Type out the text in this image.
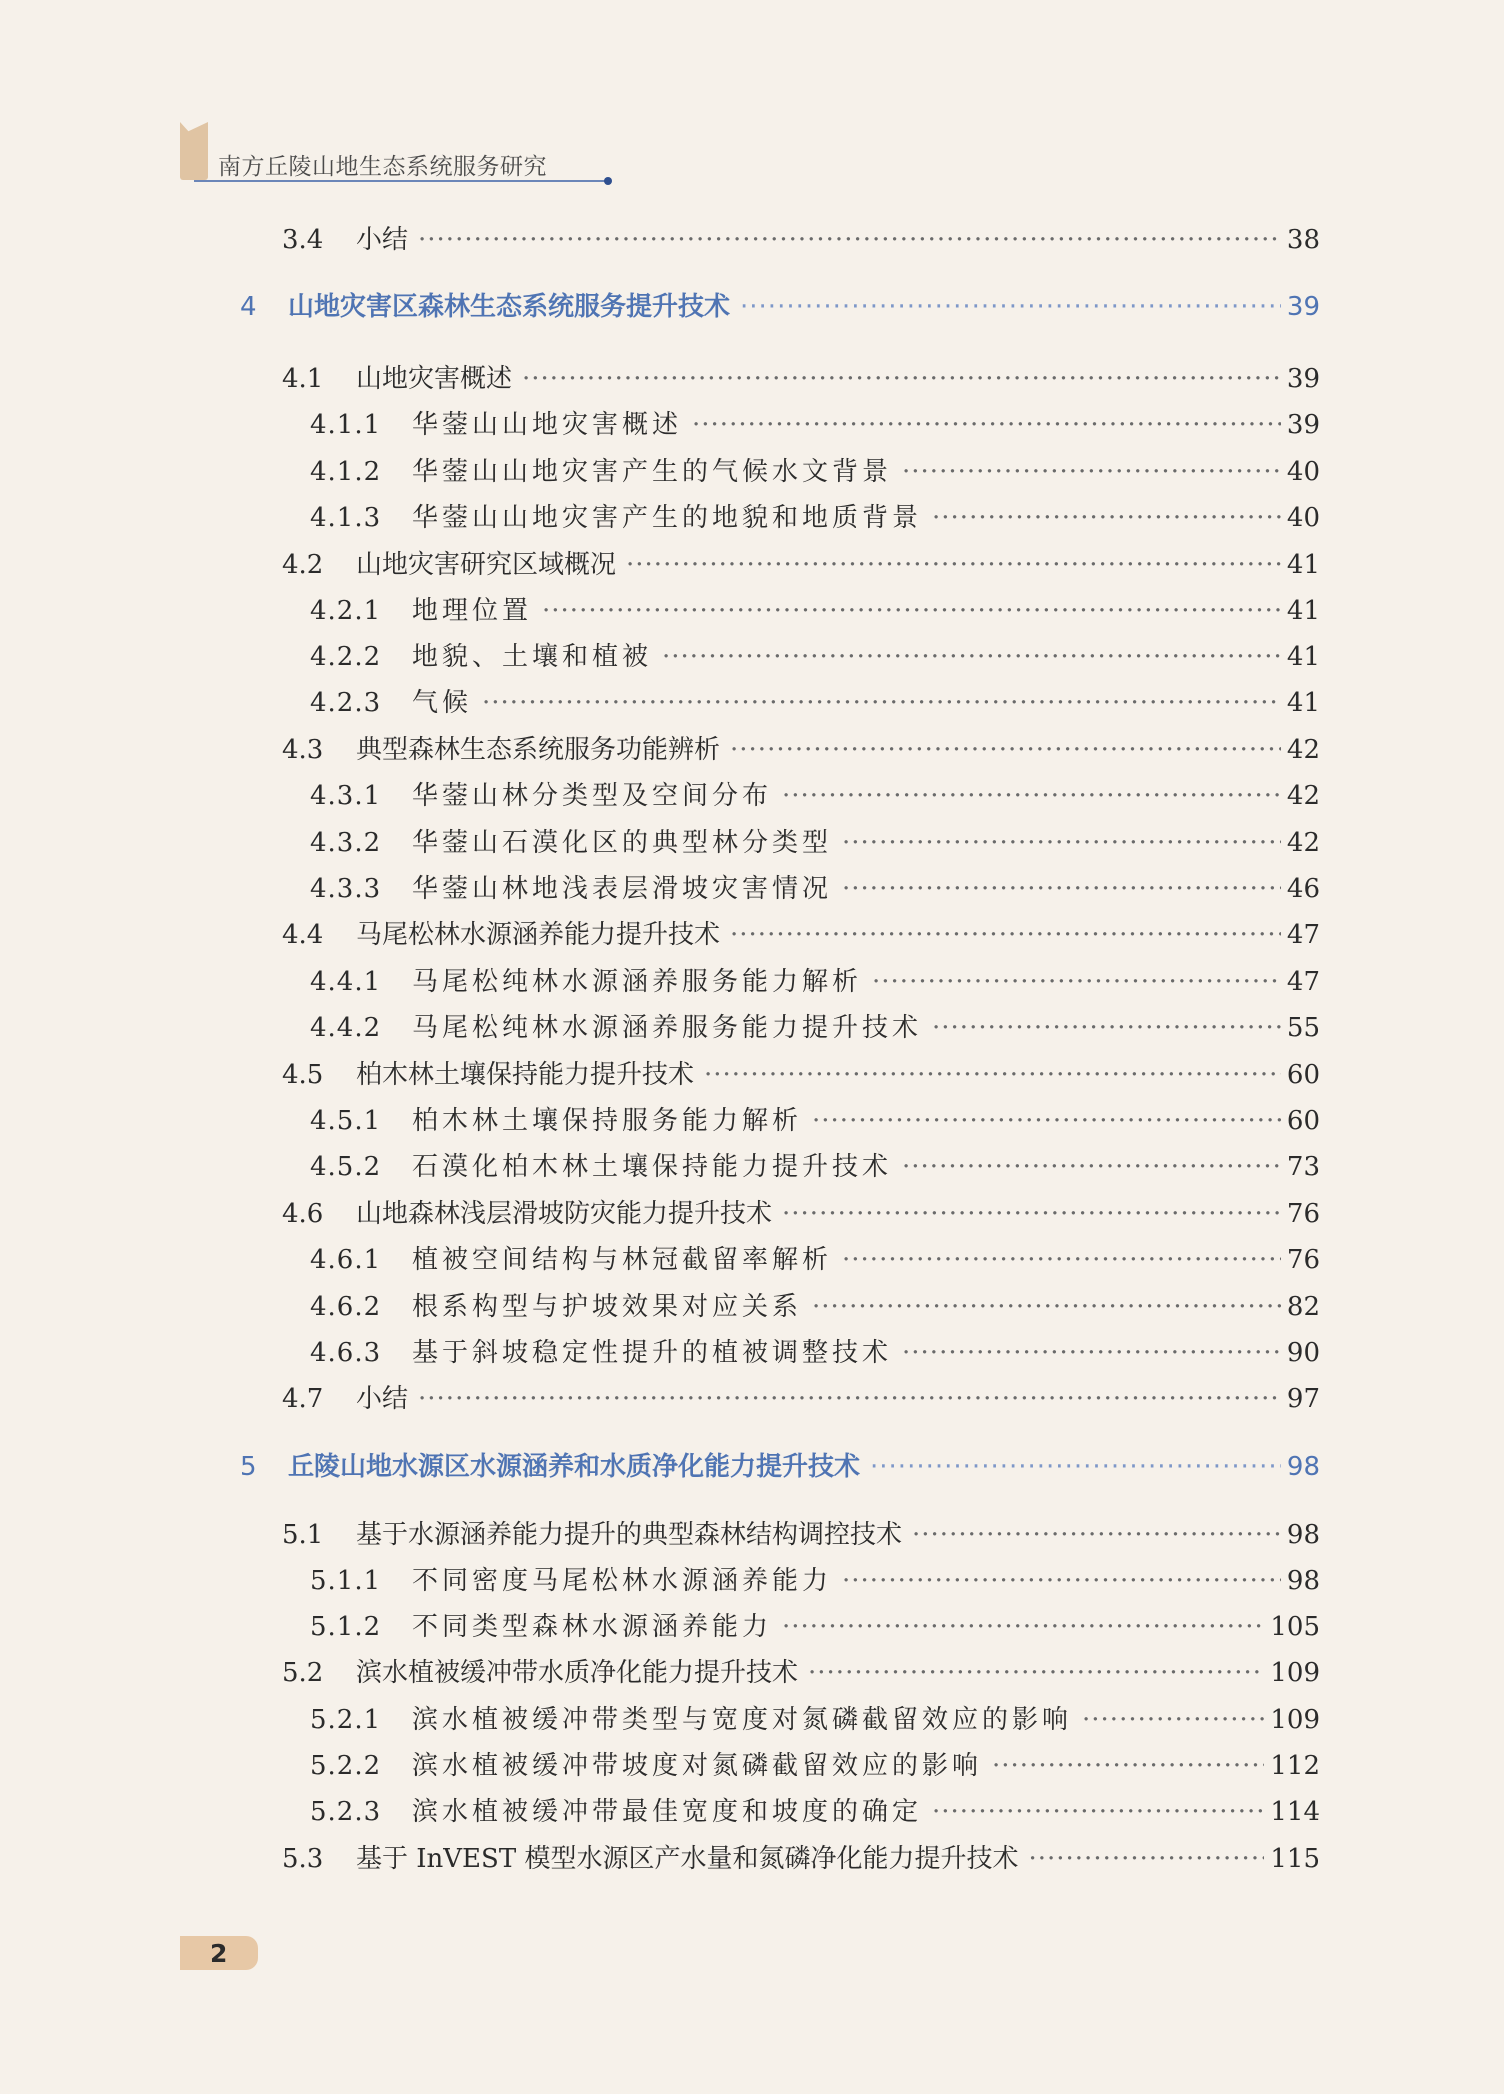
南方丘陵山地生态系统服务研究
3.4	小结 ·····	38
4	山地灾害区森林生态系统服务提升技术 ·····	39
4.1	山地灾害概述 ·····	39
4.1.1	华蓥山山地灾害概述 ·····	39
4.1.2	华蓥山山地灾害产生的气候水文背景 ·····	40
4.1.3	华蓥山山地灾害产生的地貌和地质背景 ·····	40
4.2	山地灾害研究区域概况 ·····	41
4.2.1	地理位置 ·····	41
4.2.2	地貌、土壤和植被 ·····	41
4.2.3	气候 ·····	41
4.3	典型森林生态系统服务功能辨析 ·····	42
4.3.1	华蓥山林分类型及空间分布 ·····	42
4.3.2	华蓥山石漠化区的典型林分类型 ·····	42
4.3.3	华蓥山林地浅表层滑坡灾害情况 ·····	46
4.4	马尾松林水源涵养能力提升技术 ·····	47
4.4.1	马尾松纯林水源涵养服务能力解析 ·····	47
4.4.2	马尾松纯林水源涵养服务能力提升技术 ·····	55
4.5	柏木林土壤保持能力提升技术 ·····	60
4.5.1	柏木林土壤保持服务能力解析 ·····	60
4.5.2	石漠化柏木林土壤保持能力提升技术 ·····	73
4.6	山地森林浅层滑坡防灾能力提升技术 ·····	76
4.6.1	植被空间结构与林冠截留率解析 ·····	76
4.6.2	根系构型与护坡效果对应关系 ·····	82
4.6.3	基于斜坡稳定性提升的植被调整技术 ·····	90
4.7	小结 ·····	97
5	丘陵山地水源区水源涵养和水质净化能力提升技术 ·····	98
5.1	基于水源涵养能力提升的典型森林结构调控技术 ·····	98
5.1.1	不同密度马尾松林水源涵养能力 ·····	98
5.1.2	不同类型森林水源涵养能力 ·····	105
5.2	滨水植被缓冲带水质净化能力提升技术 ·····	109
5.2.1	滨水植被缓冲带类型与宽度对氮磷截留效应的影响 ·····	109
5.2.2	滨水植被缓冲带坡度对氮磷截留效应的影响 ·····	112
5.2.3	滨水植被缓冲带最佳宽度和坡度的确定 ·····	114
5.3	基于 InVEST 模型水源区产水量和氮磷净化能力提升技术 ·····	115
2
